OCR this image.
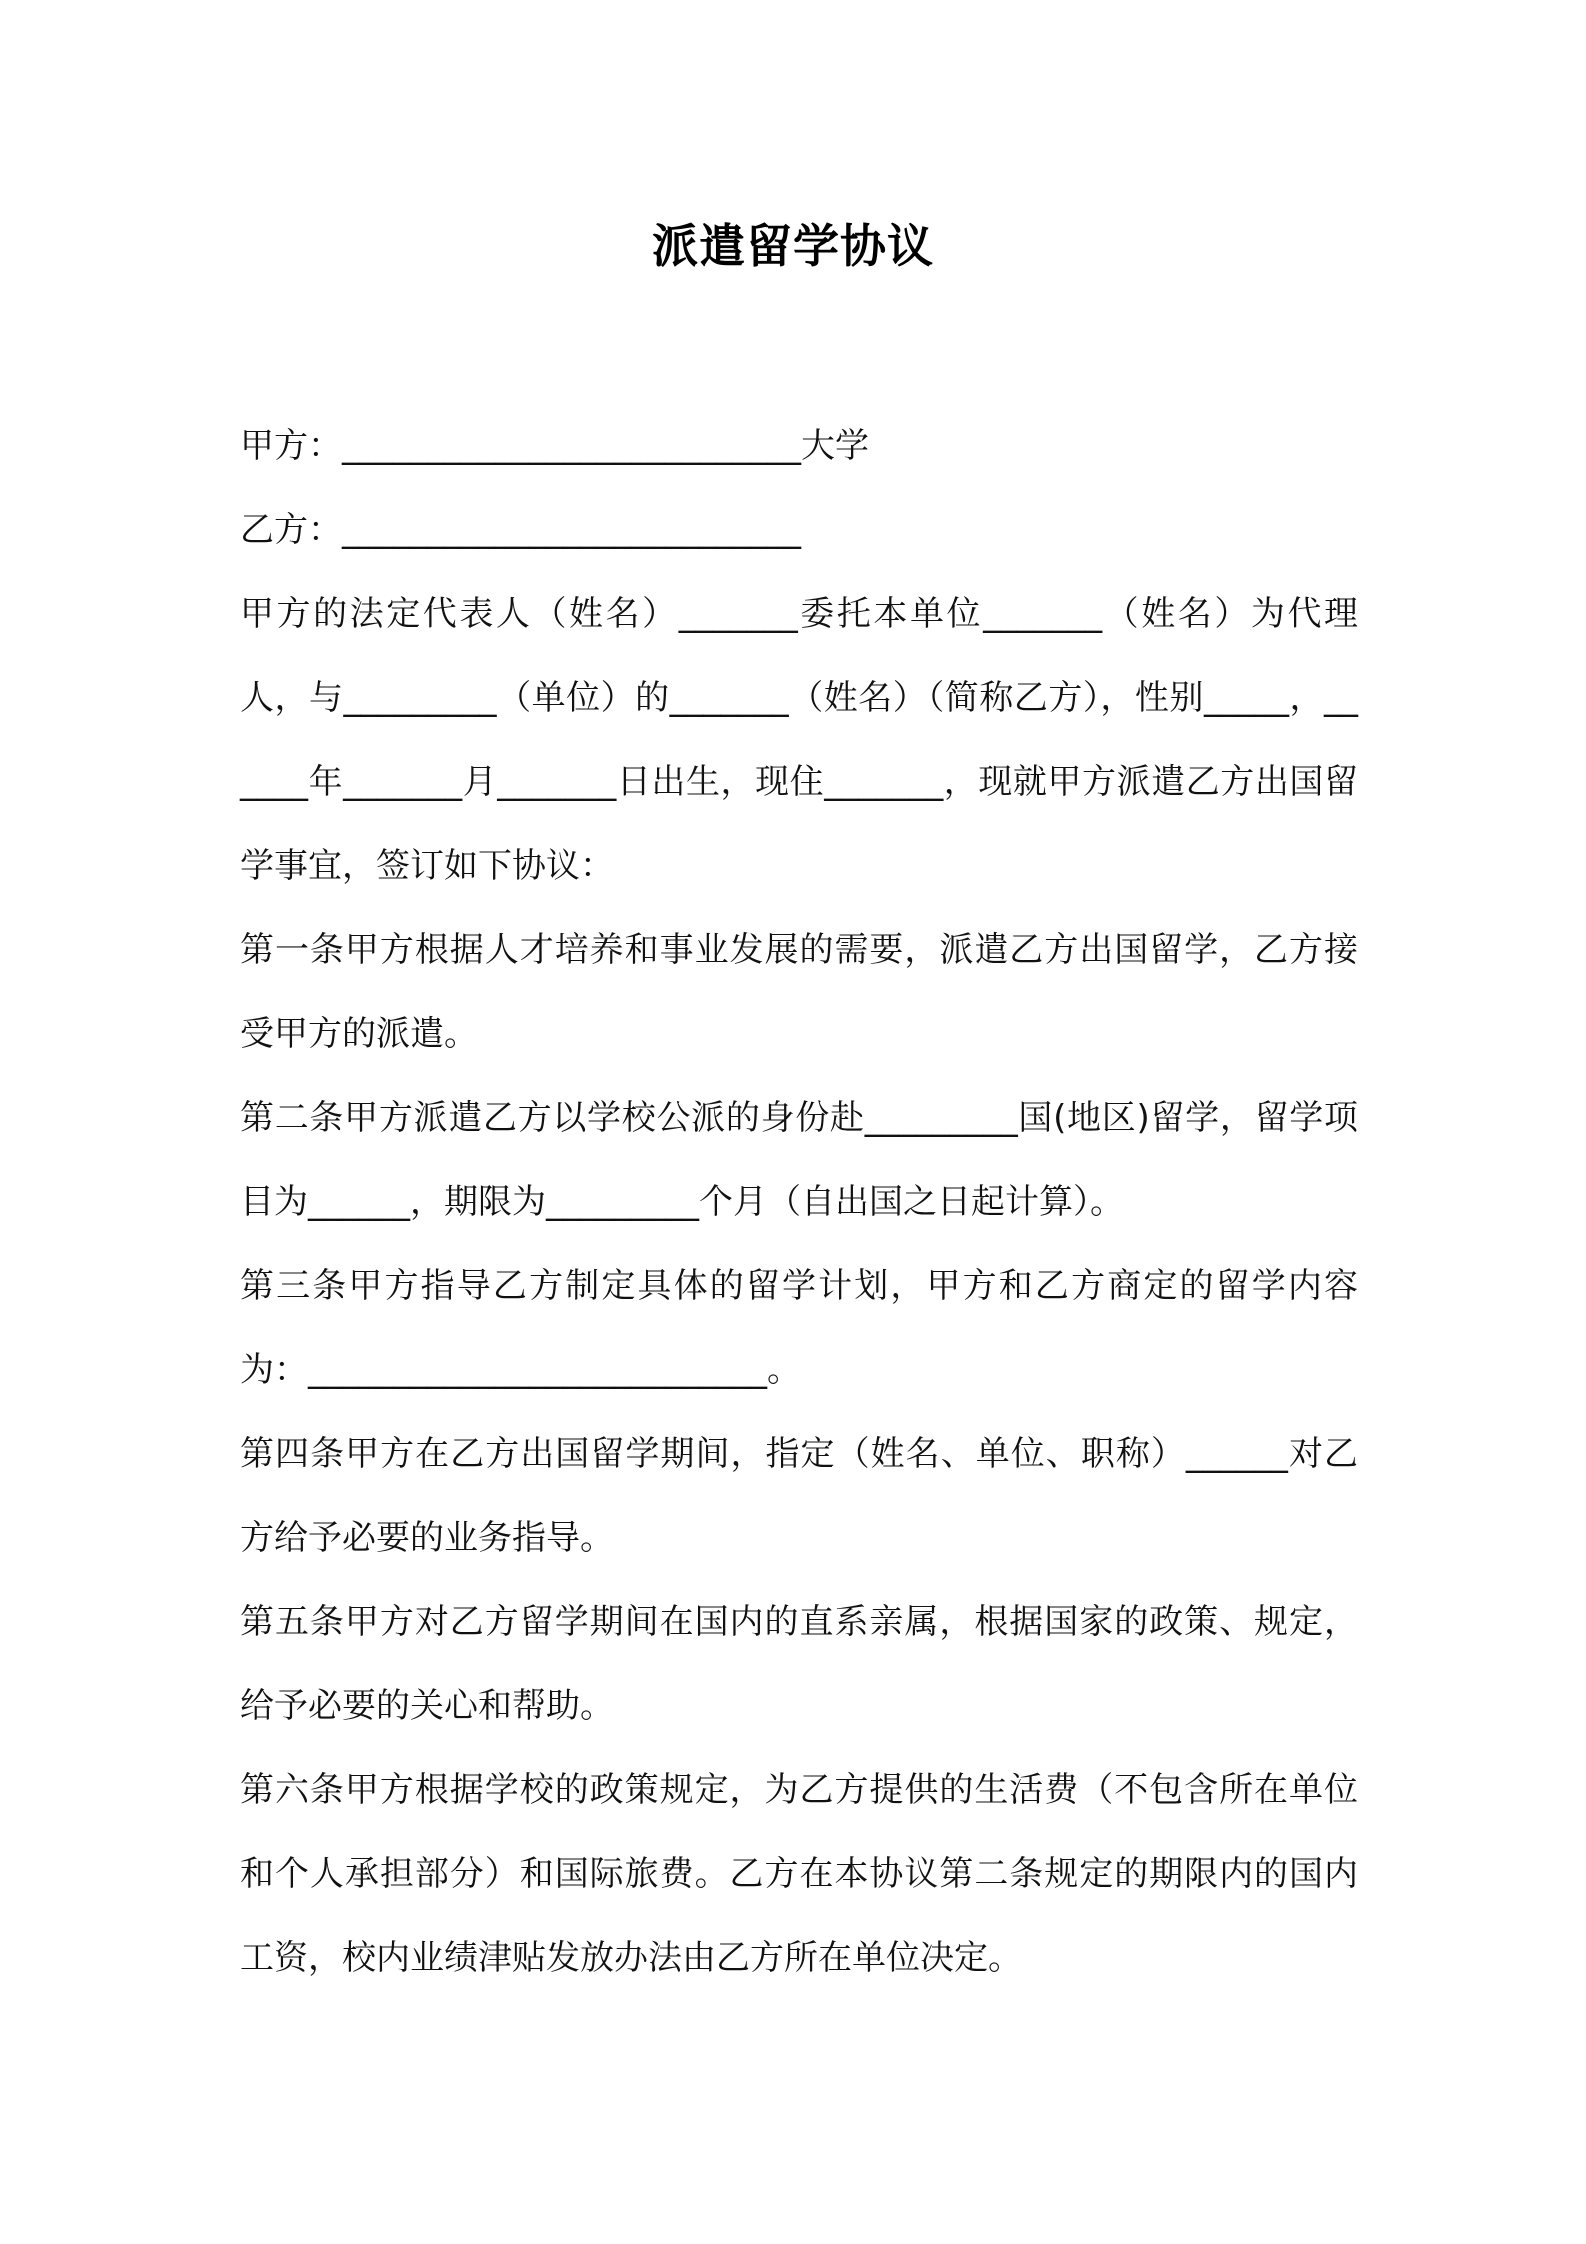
派遣留学协议

甲方：___________________________大学

乙方：___________________________

甲方的法定代表人（姓名）_______委托本单位_______（姓名）为代理人，与_________（单位）的_______（姓名）（简称乙方），性别_____，______年_______月_______日出生，现住_______，现就甲方派遣乙方出国留学事宜，签订如下协议：

第一条甲方根据人才培养和事业发展的需要，派遣乙方出国留学，乙方接受甲方的派遣。

第二条甲方派遣乙方以学校公派的身份赴_________国(地区)留学，留学项目为______，期限为_________个月（自出国之日起计算）。

第三条甲方指导乙方制定具体的留学计划，甲方和乙方商定的留学内容为：___________________________。

第四条甲方在乙方出国留学期间，指定（姓名、单位、职称）______对乙方给予必要的业务指导。

第五条甲方对乙方留学期间在国内的直系亲属，根据国家的政策、规定，给予必要的关心和帮助。

第六条甲方根据学校的政策规定，为乙方提供的生活费（不包含所在单位和个人承担部分）和国际旅费。乙方在本协议第二条规定的期限内的国内工资，校内业绩津贴发放办法由乙方所在单位决定。
